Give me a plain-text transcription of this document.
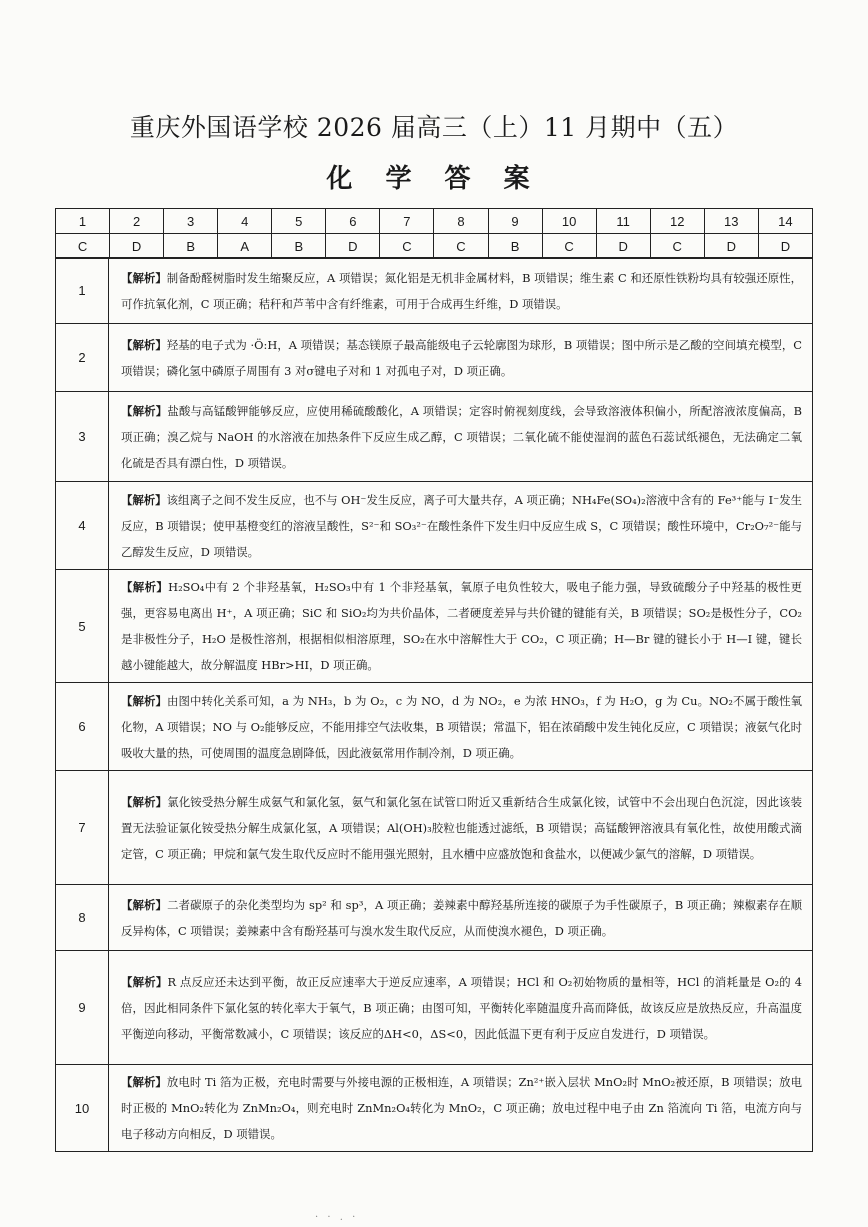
重庆外国语学校 2026 届高三（上）11 月期中（五）
化 学 答 案
1	2	3	4	5	6	7	8	9	10	11	12	13	14
C	D	B	A	B	D	C	C	B	C	D	C	D	D
1	【解析】制备酚醛树脂时发生缩聚反应，A 项错误；氮化铝是无机非金属材料，B 项错误；维生素 C 和还原性铁粉均具有较强还原性，可作抗氧化剂，C 项正确；秸秆和芦苇中含有纤维素，可用于合成再生纤维，D 项错误。
2	【解析】羟基的电子式为 ·Ö:H，A 项错误；基态镁原子最高能级电子云轮廓图为球形，B 项错误；图中所示是乙酸的空间填充模型，C 项错误；磷化氢中磷原子周围有 3 对σ键电子对和 1 对孤电子对，D 项正确。
3	【解析】盐酸与高锰酸钾能够反应，应使用稀硫酸酸化，A 项错误；定容时俯视刻度线，会导致溶液体积偏小，所配溶液浓度偏高，B 项正确；溴乙烷与 NaOH 的水溶液在加热条件下反应生成乙醇，C 项错误；二氧化硫不能使湿润的蓝色石蕊试纸褪色，无法确定二氧化硫是否具有漂白性，D 项错误。
4	【解析】该组离子之间不发生反应，也不与 OH⁻发生反应，离子可大量共存，A 项正确；NH₄Fe(SO₄)₂溶液中含有的 Fe³⁺能与 I⁻发生反应，B 项错误；使甲基橙变红的溶液呈酸性，S²⁻和 SO₃²⁻在酸性条件下发生归中反应生成 S，C 项错误；酸性环境中，Cr₂O₇²⁻能与乙醇发生反应，D 项错误。
5	【解析】H₂SO₄中有 2 个非羟基氧，H₂SO₃中有 1 个非羟基氧，氧原子电负性较大，吸电子能力强，导致硫酸分子中羟基的极性更强，更容易电离出 H⁺，A 项正确；SiC 和 SiO₂均为共价晶体，二者硬度差异与共价键的键能有关，B 项错误；SO₂是极性分子，CO₂是非极性分子，H₂O 是极性溶剂，根据相似相溶原理，SO₂在水中溶解性大于 CO₂，C 项正确；H—Br 键的键长小于 H—I 键，键长越小键能越大，故分解温度 HBr>HI，D 项正确。
6	【解析】由图中转化关系可知，a 为 NH₃，b 为 O₂，c 为 NO，d 为 NO₂，e 为浓 HNO₃，f 为 H₂O，g 为 Cu。NO₂不属于酸性氧化物，A 项错误；NO 与 O₂能够反应，不能用排空气法收集，B 项错误；常温下，铝在浓硝酸中发生钝化反应，C 项错误；液氨气化时吸收大量的热，可使周围的温度急剧降低，因此液氨常用作制冷剂，D 项正确。
7	【解析】氯化铵受热分解生成氨气和氯化氢，氨气和氯化氢在试管口附近又重新结合生成氯化铵，试管中不会出现白色沉淀，因此该装置无法验证氯化铵受热分解生成氯化氢，A 项错误；Al(OH)₃胶粒也能透过滤纸，B 项错误；高锰酸钾溶液具有氧化性，故使用酸式滴定管，C 项正确；甲烷和氯气发生取代反应时不能用强光照射，且水槽中应盛放饱和食盐水，以便减少氯气的溶解，D 项错误。
8	【解析】二者碳原子的杂化类型均为 sp² 和 sp³，A 项正确；姜辣素中醇羟基所连接的碳原子为手性碳原子，B 项正确；辣椒素存在顺反异构体，C 项错误；姜辣素中含有酚羟基可与溴水发生取代反应，从而使溴水褪色，D 项正确。
9	【解析】R 点反应还未达到平衡，故正反应速率大于逆反应速率，A 项错误；HCl 和 O₂初始物质的量相等，HCl 的消耗量是 O₂的 4 倍，因此相同条件下氯化氢的转化率大于氧气，B 项正确；由图可知，平衡转化率随温度升高而降低，故该反应是放热反应，升高温度平衡逆向移动，平衡常数减小，C 项错误；该反应的ΔH<0，ΔS<0，因此低温下更有利于反应自发进行，D 项错误。
10	【解析】放电时 Ti 箔为正极，充电时需要与外接电源的正极相连，A 项错误；Zn²⁺嵌入层状 MnO₂时 MnO₂被还原，B 项错误；放电时正极的 MnO₂转化为 ZnMn₂O₄，则充电时 ZnMn₂O₄转化为 MnO₂，C 项正确；放电过程中电子由 Zn 箔流向 Ti 箔，电流方向与电子移动方向相反，D 项错误。
· · . ·
